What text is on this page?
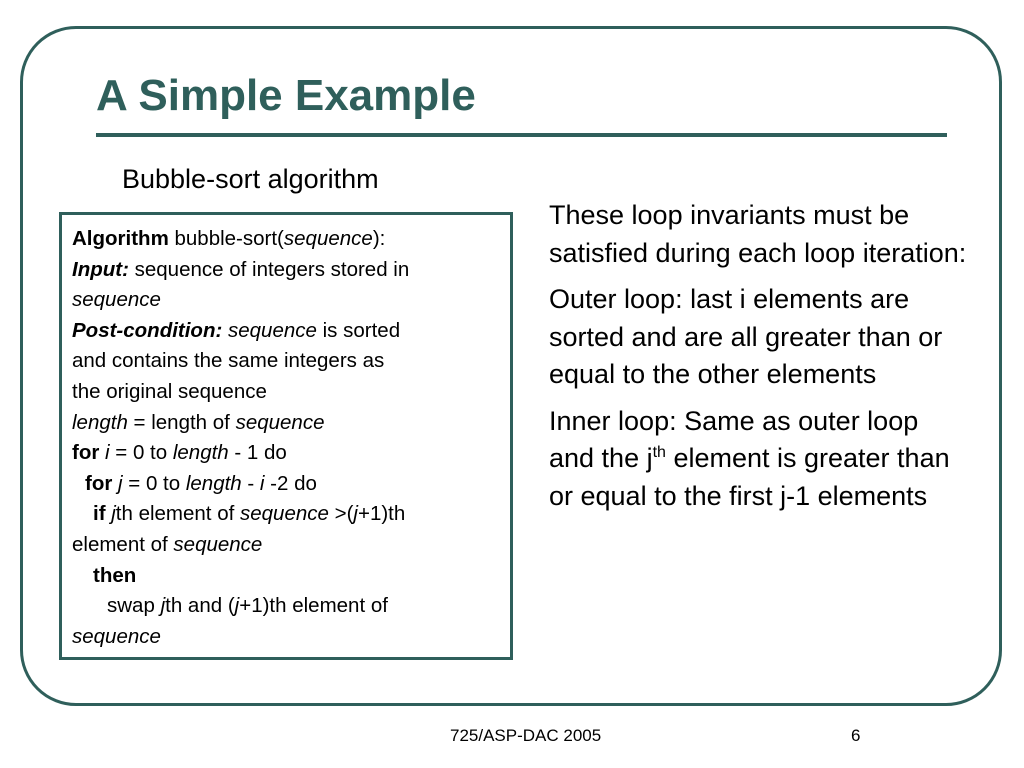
A Simple Example
Bubble-sort algorithm
Algorithm bubble-sort(sequence):
Input: sequence of integers stored in
sequence
Post-condition: sequence is sorted
and contains the same integers as
the original sequence
length = length of sequence
for i = 0 to length - 1 do
for j = 0 to length - i -2 do
if jth element of sequence >(j+1)th
element of sequence
then
swap jth and (j+1)th element of
sequence

These loop invariants must be satisfied during each loop iteration:

Outer loop: last i elements are sorted and are all greater than or equal to the other elements

Inner loop: Same as outer loop and the $j^{th}$ element is greater than or equal to the first j-1 elements

725/ASP-DAC 2005	6
